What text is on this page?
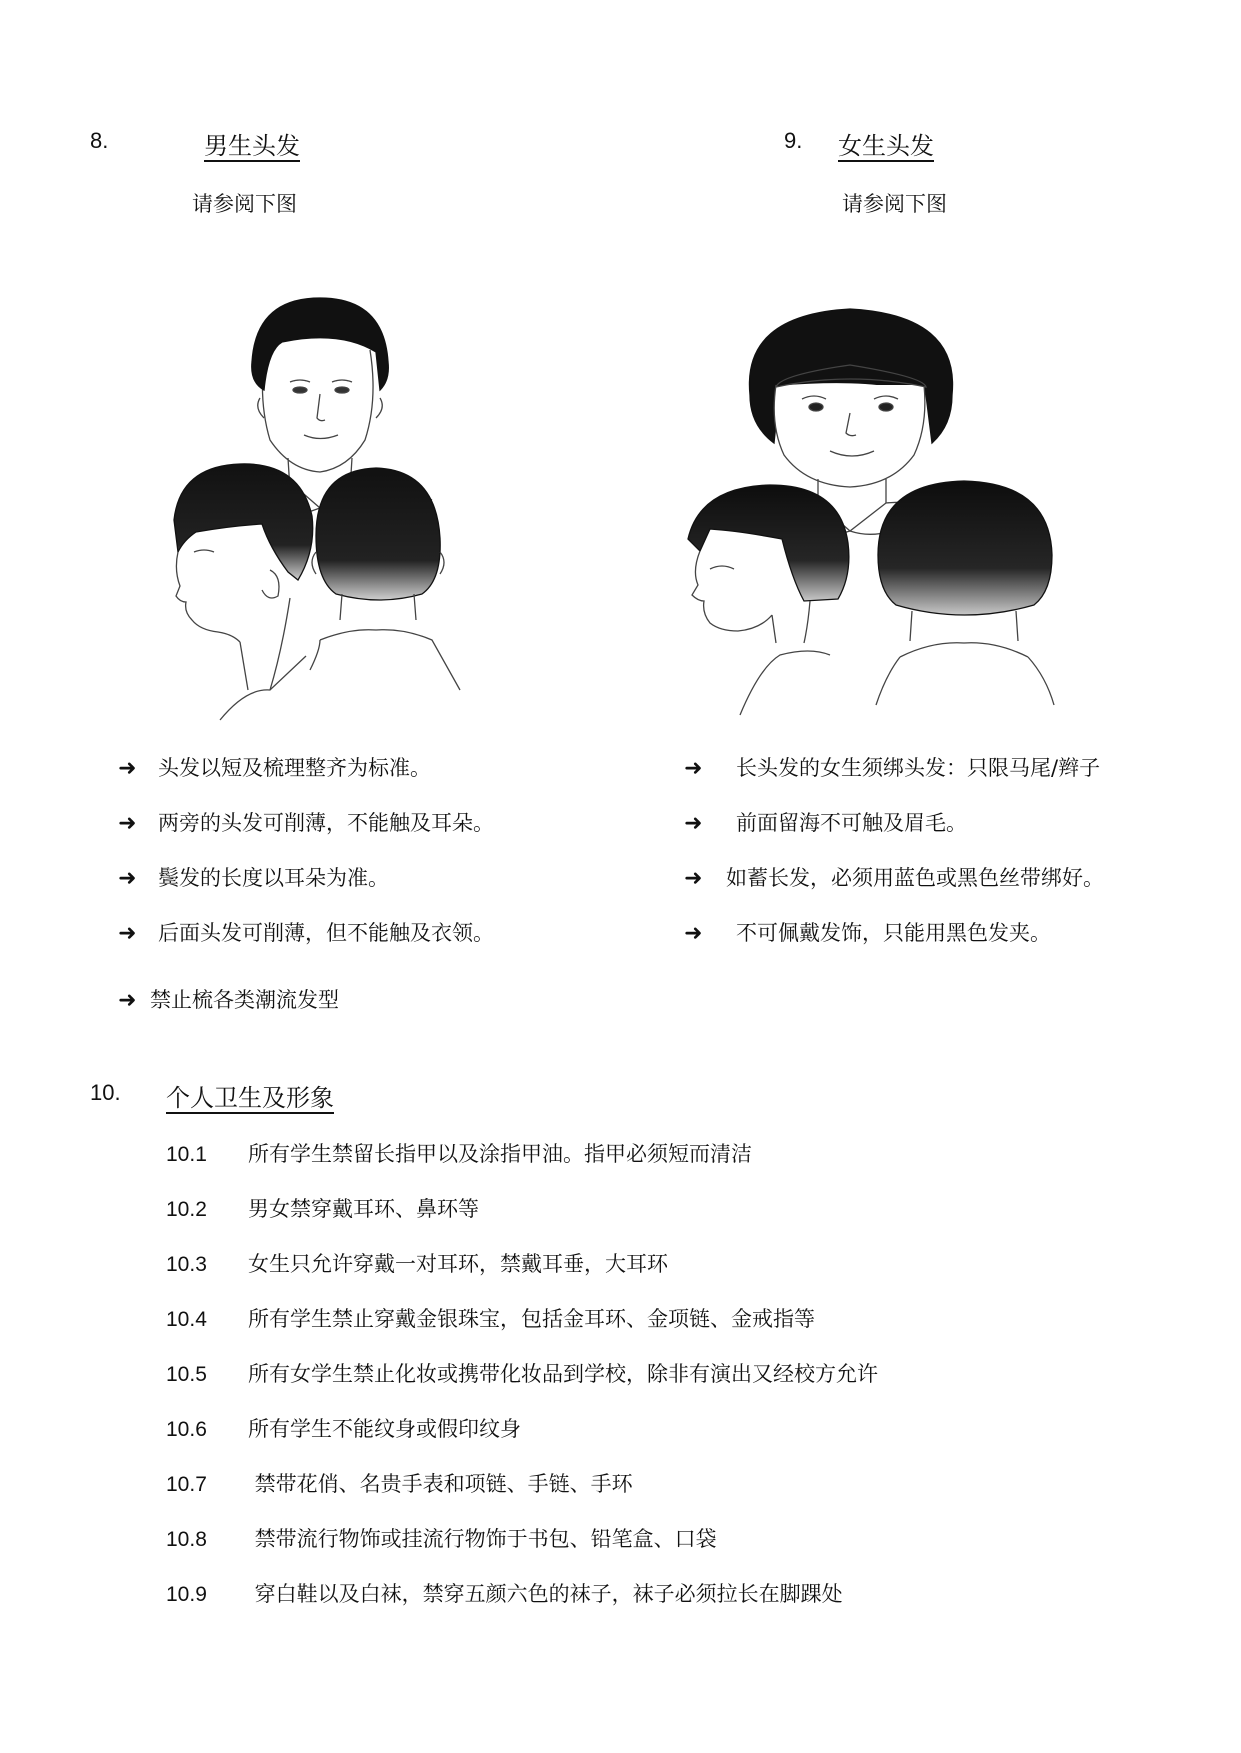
8.	男生头发
请参阅下图
9. 女生头发
请参阅下图
➜ 头发以短及梳理整齐为标准。
➜ 两旁的头发可削薄，不能触及耳朵。
➜ 鬓发的长度以耳朵为准。
➜ 后面头发可削薄，但不能触及衣领。
➜ 禁止梳各类潮流发型
➜ 长头发的女生须绑头发：只限马尾/辫子
➜ 前面留海不可触及眉毛。
➜ 如蓄长发，必须用蓝色或黑色丝带绑好。
➜ 不可佩戴发饰，只能用黑色发夹。
10. 个人卫生及形象
10.1 所有学生禁留长指甲以及涂指甲油。指甲必须短而清洁
10.2 男女禁穿戴耳环、鼻环等
10.3 女生只允许穿戴一对耳环，禁戴耳垂，大耳环
10.4 所有学生禁止穿戴金银珠宝，包括金耳环、金项链、金戒指等
10.5 所有女学生禁止化妆或携带化妆品到学校，除非有演出又经校方允许
10.6 所有学生不能纹身或假印纹身
10.7 禁带花俏、名贵手表和项链、手链、手环
10.8 禁带流行物饰或挂流行物饰于书包、铅笔盒、口袋
10.9 穿白鞋以及白袜，禁穿五颜六色的袜子，袜子必须拉长在脚踝处
